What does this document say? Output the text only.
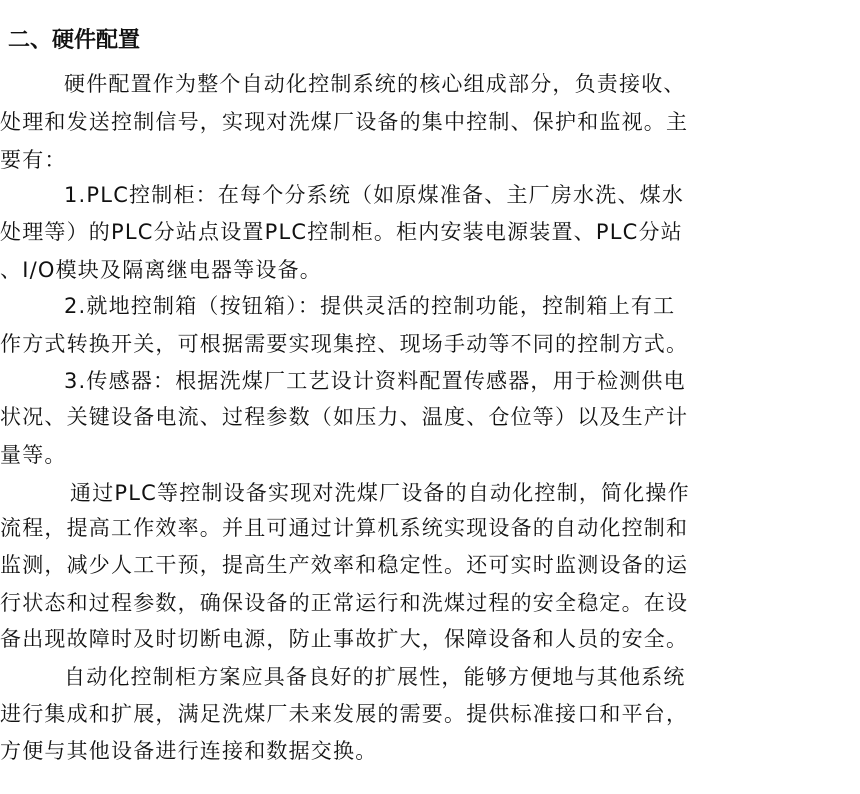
二、硬件配置
硬件配置作为整个自动化控制系统的核心组成部分，负责接收、
处理和发送控制信号，实现对洗煤厂设备的集中控制、保护和监视。主
要有：
1.PLC控制柜：在每个分系统（如原煤准备、主厂房水洗、煤水
处理等）的PLC分站点设置PLC控制柜。柜内安装电源装置、PLC分站
、I/O模块及隔离继电器等设备。
2.就地控制箱（按钮箱）：提供灵活的控制功能，控制箱上有工
作方式转换开关，可根据需要实现集控、现场手动等不同的控制方式。
3.传感器：根据洗煤厂工艺设计资料配置传感器，用于检测供电
状况、关键设备电流、过程参数（如压力、温度、仓位等）以及生产计
量等。
通过PLC等控制设备实现对洗煤厂设备的自动化控制，简化操作
流程，提高工作效率。并且可通过计算机系统实现设备的自动化控制和
监测，减少人工干预，提高生产效率和稳定性。还可实时监测设备的运
行状态和过程参数，确保设备的正常运行和洗煤过程的安全稳定。在设
备出现故障时及时切断电源，防止事故扩大，保障设备和人员的安全。
自动化控制柜方案应具备良好的扩展性，能够方便地与其他系统
进行集成和扩展，满足洗煤厂未来发展的需要。提供标准接口和平台，
方便与其他设备进行连接和数据交换。
